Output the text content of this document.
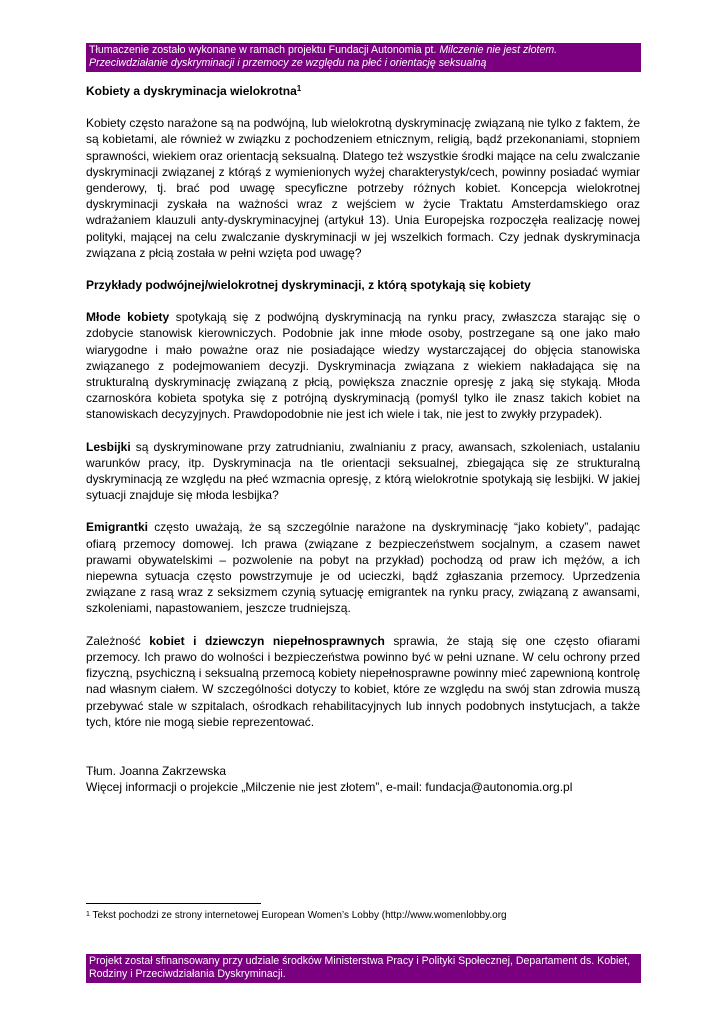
Tłumaczenie zostało wykonane w ramach projektu Fundacji Autonomia pt. Milczenie nie jest złotem. Przeciwdziałanie dyskryminacji i przemocy ze względu na płeć i orientację seksualną
Kobiety a dyskryminacja wielokrotna$^1$

Kobiety często narażone są na podwójną, lub wielokrotną dyskryminację związaną nie tylko z faktem, że są kobietami, ale również w związku z pochodzeniem etnicznym, religią, bądź przekonaniami, stopniem sprawności, wiekiem oraz orientacją seksualną. Dlatego też wszystkie środki mające na celu zwalczanie dyskryminacji związanej z którąś z wymienionych wyżej charakterystyk/cech, powinny posiadać wymiar genderowy, tj. brać pod uwagę specyficzne potrzeby różnych kobiet. Koncepcja wielokrotnej dyskryminacji zyskała na ważności wraz z wejściem w życie Traktatu Amsterdamskiego oraz wdrażaniem klauzuli anty-dyskryminacyjnej (artykuł 13). Unia Europejska rozpoczęła realizację nowej polityki, mającej na celu zwalczanie dyskryminacji w jej wszelkich formach. Czy jednak dyskryminacja związana z płcią została w pełni wzięta pod uwagę?

Przykłady podwójnej/wielokrotnej dyskryminacji, z którą spotykają się kobiety

Młode kobiety spotykają się z podwójną dyskryminacją na rynku pracy, zwłaszcza starając się o zdobycie stanowisk kierowniczych. Podobnie jak inne młode osoby, postrzegane są one jako mało wiarygodne i mało poważne oraz nie posiadające wiedzy wystarczającej do objęcia stanowiska związanego z podejmowaniem decyzji. Dyskryminacja związana z wiekiem nakładająca się na strukturalną dyskryminację związaną z płcią, powiększa znacznie opresję z jaką się stykają. Młoda czarnoskóra kobieta spotyka się z potrójną dyskryminacją (pomyśl tylko ile znasz takich kobiet na stanowiskach decyzyjnych. Prawdopodobnie nie jest ich wiele i tak, nie jest to zwykły przypadek).

Lesbijki są dyskryminowane przy zatrudnianiu, zwalnianiu z pracy, awansach, szkoleniach, ustalaniu warunków pracy, itp. Dyskryminacja na tle orientacji seksualnej, zbiegająca się ze strukturalną dyskryminacją ze względu na płeć wzmacnia opresję, z którą wielokrotnie spotykają się lesbijki. W jakiej sytuacji znajduje się młoda lesbijka?

Emigrantki często uważają, że są szczególnie narażone na dyskryminację “jako kobiety”, padając ofiarą przemocy domowej. Ich prawa (związane z bezpieczeństwem socjalnym, a czasem nawet prawami obywatelskimi – pozwolenie na pobyt na przykład) pochodzą od praw ich mężów, a ich niepewna sytuacja często powstrzymuje je od ucieczki, bądź zgłaszania przemocy. Uprzedzenia związane z rasą wraz z seksizmem czynią sytuację emigrantek na rynku pracy, związaną z awansami, szkoleniami, napastowaniem, jeszcze trudniejszą.

Zależność kobiet i dziewczyn niepełnosprawnych sprawia, że stają się one często ofiarami przemocy. Ich prawo do wolności i bezpieczeństwa powinno być w pełni uznane. W celu ochrony przed fizyczną, psychiczną i seksualną przemocą kobiety niepełnosprawne powinny mieć zapewnioną kontrolę nad własnym ciałem. W szczególności dotyczy to kobiet, które ze względu na swój stan zdrowia muszą przebywać stale w szpitalach, ośrodkach rehabilitacyjnych lub innych podobnych instytucjach, a także tych, które nie mogą siebie reprezentować.

Tłum. Joanna Zakrzewska
Więcej informacji o projekcie „Milczenie nie jest złotem”, e-mail: fundacja@autonomia.org.pl
$^1$ Tekst pochodzi ze strony internetowej European Women’s Lobby (http://www.womenlobby.org
Projekt został sfinansowany przy udziale środków Ministerstwa Pracy i Polityki Społecznej, Departament ds. Kobiet, Rodziny i Przeciwdziałania Dyskryminacji.
